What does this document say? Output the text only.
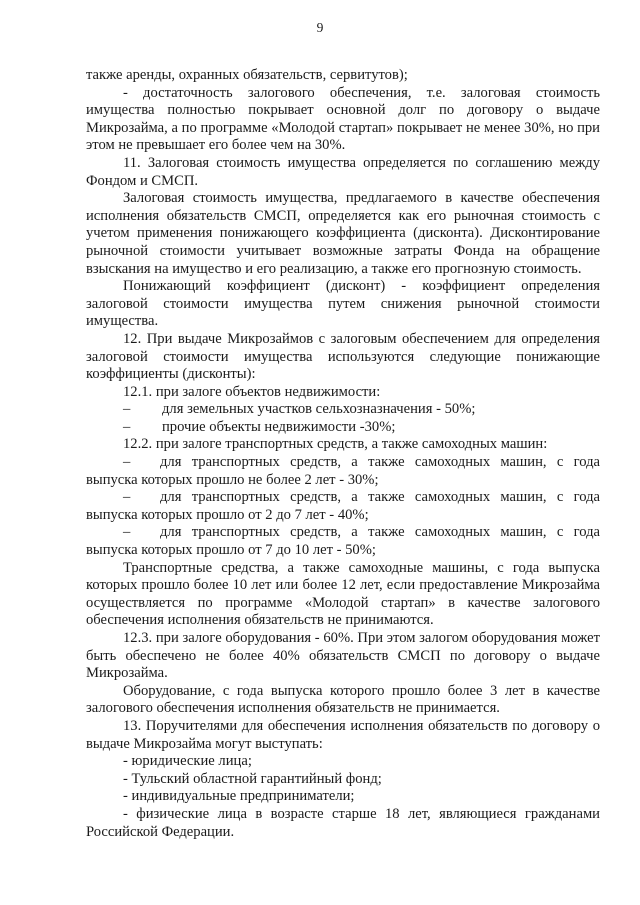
9

также аренды, охранных обязательств, сервитутов);

- достаточность залогового обеспечения, т.е. залоговая стоимость имущества полностью покрывает основной долг по договору о выдаче Микрозайма, а по программе «Молодой стартап» покрывает не менее 30%, но при этом не превышает его более чем на 30%.

11. Залоговая стоимость имущества определяется по соглашению между Фондом и СМСП.

Залоговая стоимость имущества, предлагаемого в качестве обеспечения исполнения обязательств СМСП, определяется как его рыночная стоимость с учетом применения понижающего коэффициента (дисконта). Дисконтирование рыночной стоимости учитывает возможные затраты Фонда на обращение взыскания на имущество и его реализацию, а также его прогнозную стоимость.

Понижающий коэффициент (дисконт) - коэффициент определения залоговой стоимости имущества путем снижения рыночной стоимости имущества.

12. При выдаче Микрозаймов с залоговым обеспечением для определения залоговой стоимости имущества используются следующие понижающие коэффициенты (дисконты):

12.1. при залоге объектов недвижимости:

– для земельных участков сельхозназначения - 50%;

– прочие объекты недвижимости -30%;

12.2. при залоге транспортных средств, а также самоходных машин:

– для транспортных средств, а также самоходных машин, с года выпуска которых прошло не более 2 лет - 30%;

– для транспортных средств, а также самоходных машин, с года выпуска которых прошло от 2 до 7 лет - 40%;

– для транспортных средств, а также самоходных машин, с года выпуска которых прошло от 7 до 10 лет - 50%;

Транспортные средства, а также самоходные машины, с года выпуска которых прошло более 10 лет или более 12 лет, если предоставление Микрозайма осуществляется по программе «Молодой стартап» в качестве залогового обеспечения исполнения обязательств не принимаются.

12.3. при залоге оборудования - 60%. При этом залогом оборудования может быть обеспечено не более 40% обязательств СМСП по договору о выдаче Микрозайма.

Оборудование, с года выпуска которого прошло более 3 лет в качестве залогового обеспечения исполнения обязательств не принимается.

13. Поручителями для обеспечения исполнения обязательств по договору о выдаче Микрозайма могут выступать:

- юридические лица;

- Тульский областной гарантийный фонд;

- индивидуальные предприниматели;

- физические лица в возрасте старше 18 лет, являющиеся гражданами Российской Федерации.
